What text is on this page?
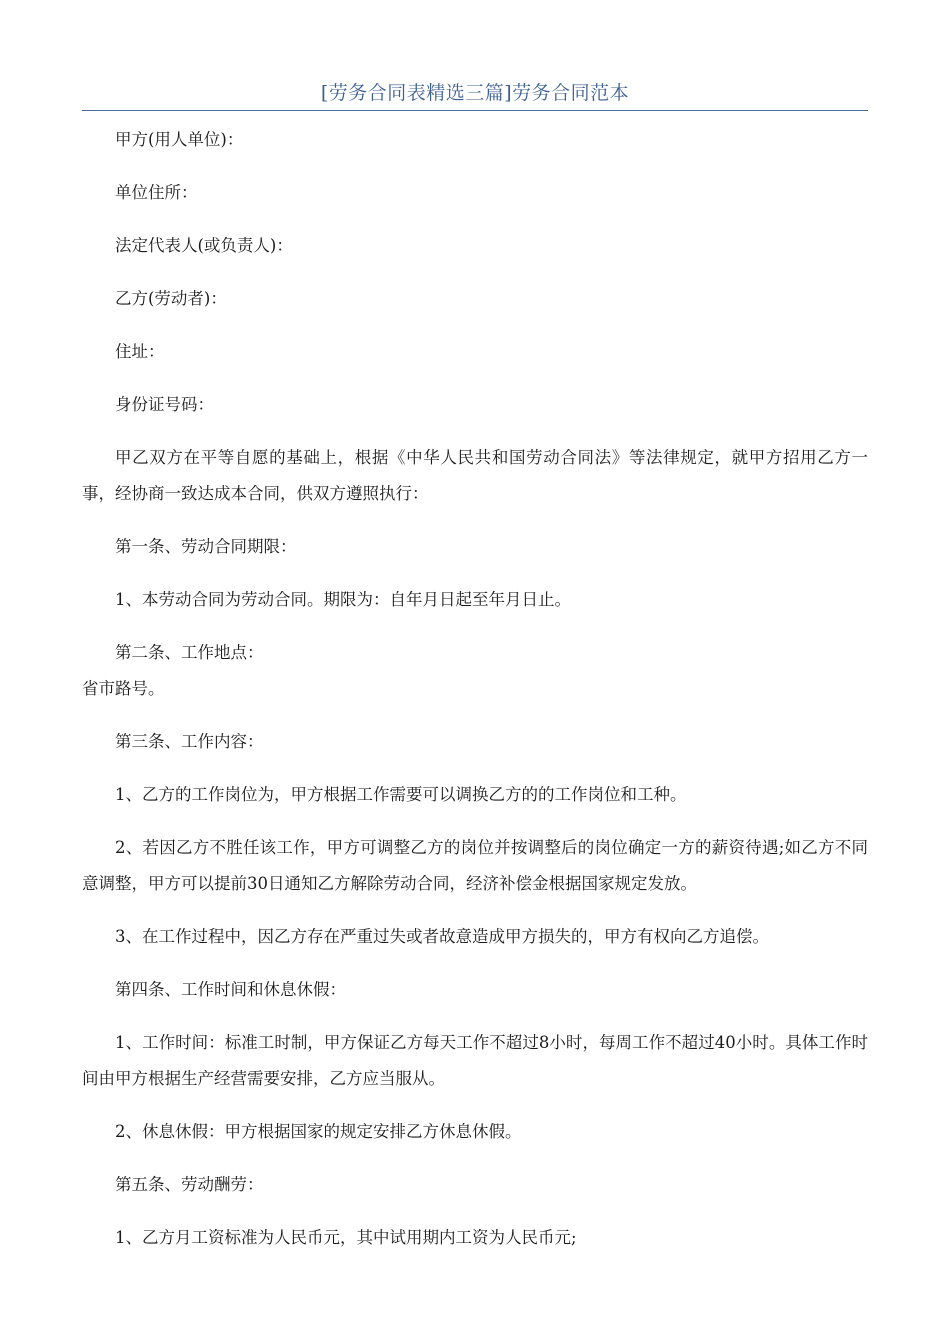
[劳务合同表精选三篇]劳务合同范本

甲方(用人单位)：

单位住所：

法定代表人(或负责人)：

乙方(劳动者)：

住址：

身份证号码：

甲乙双方在平等自愿的基础上，根据《中华人民共和国劳动合同法》等法律规定，就甲方招用乙方一事，经协商一致达成本合同，供双方遵照执行：

第一条、劳动合同期限：

1、本劳动合同为劳动合同。期限为：自年月日起至年月日止。

第二条、工作地点：

省市路号。

第三条、工作内容：

1、乙方的工作岗位为，甲方根据工作需要可以调换乙方的的工作岗位和工种。

2、若因乙方不胜任该工作，甲方可调整乙方的岗位并按调整后的岗位确定一方的薪资待遇;如乙方不同意调整，甲方可以提前30日通知乙方解除劳动合同，经济补偿金根据国家规定发放。

3、在工作过程中，因乙方存在严重过失或者故意造成甲方损失的，甲方有权向乙方追偿。

第四条、工作时间和休息休假：

1、工作时间：标准工时制，甲方保证乙方每天工作不超过8小时，每周工作不超过40小时。具体工作时间由甲方根据生产经营需要安排，乙方应当服从。

2、休息休假：甲方根据国家的规定安排乙方休息休假。

第五条、劳动酬劳：

1、乙方月工资标准为人民币元，其中试用期内工资为人民币元;
